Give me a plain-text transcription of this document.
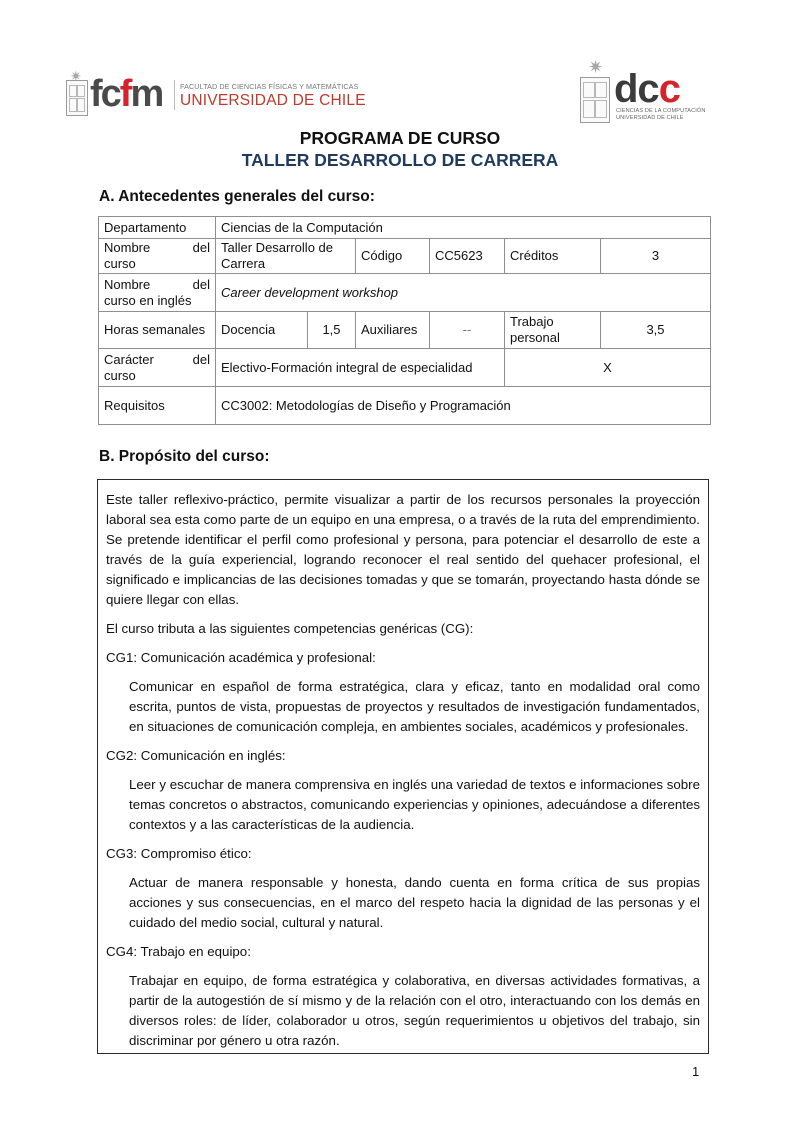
✷ fcfm FACULTAD DE CIENCIAS FÍSICAS Y MATEMÁTICAS
UNIVERSIDAD DE CHILE
✷ dcc
CIENCIAS DE LA COMPUTACIÓN
UNIVERSIDAD DE CHILE
PROGRAMA DE CURSO
TALLER DESARROLLO DE CARRERA
A. Antecedentes generales del curso:
Departamento	Ciencias de la Computación					

Nombre del
curso	Taller Desarrollo de Carrera		Código	CC5623	Créditos	3

Nombre del
curso en inglés	Career development workshop					
Horas semanales	Docencia	1,5	Auxiliares	--	Trabajo personal	3,5

Carácter del
curso	Electivo-Formación integral de especialidad				X	
Requisitos	CC3002: Metodologías de Diseño y Programación					
B. Propósito del curso:

Este taller reflexivo-práctico, permite visualizar a partir de los recursos personales la proyección laboral sea esta como parte de un equipo en una empresa, o a través de la ruta del emprendimiento. Se pretende identificar el perfil como profesional y persona, para potenciar el desarrollo de este a través de la guía experiencial, logrando reconocer el real sentido del quehacer profesional, el significado e implicancias de las decisiones tomadas y que se tomarán, proyectando hasta dónde se quiere llegar con ellas.

El curso tributa a las siguientes competencias genéricas (CG):

CG1: Comunicación académica y profesional:

Comunicar en español de forma estratégica, clara y eficaz, tanto en modalidad oral como escrita, puntos de vista, propuestas de proyectos y resultados de investigación fundamentados, en situaciones de comunicación compleja, en ambientes sociales, académicos y profesionales.

CG2: Comunicación en inglés:

Leer y escuchar de manera comprensiva en inglés una variedad de textos e informaciones sobre temas concretos o abstractos, comunicando experiencias y opiniones, adecuándose a diferentes contextos y a las características de la audiencia.

CG3: Compromiso ético:

Actuar de manera responsable y honesta, dando cuenta en forma crítica de sus propias acciones y sus consecuencias, en el marco del respeto hacia la dignidad de las personas y el cuidado del medio social, cultural y natural.

CG4: Trabajo en equipo:

Trabajar en equipo, de forma estratégica y colaborativa, en diversas actividades formativas, a partir de la autogestión de sí mismo y de la relación con el otro, interactuando con los demás en diversos roles: de líder, colaborador u otros, según requerimientos u objetivos del trabajo, sin discriminar por género u otra razón.

1
